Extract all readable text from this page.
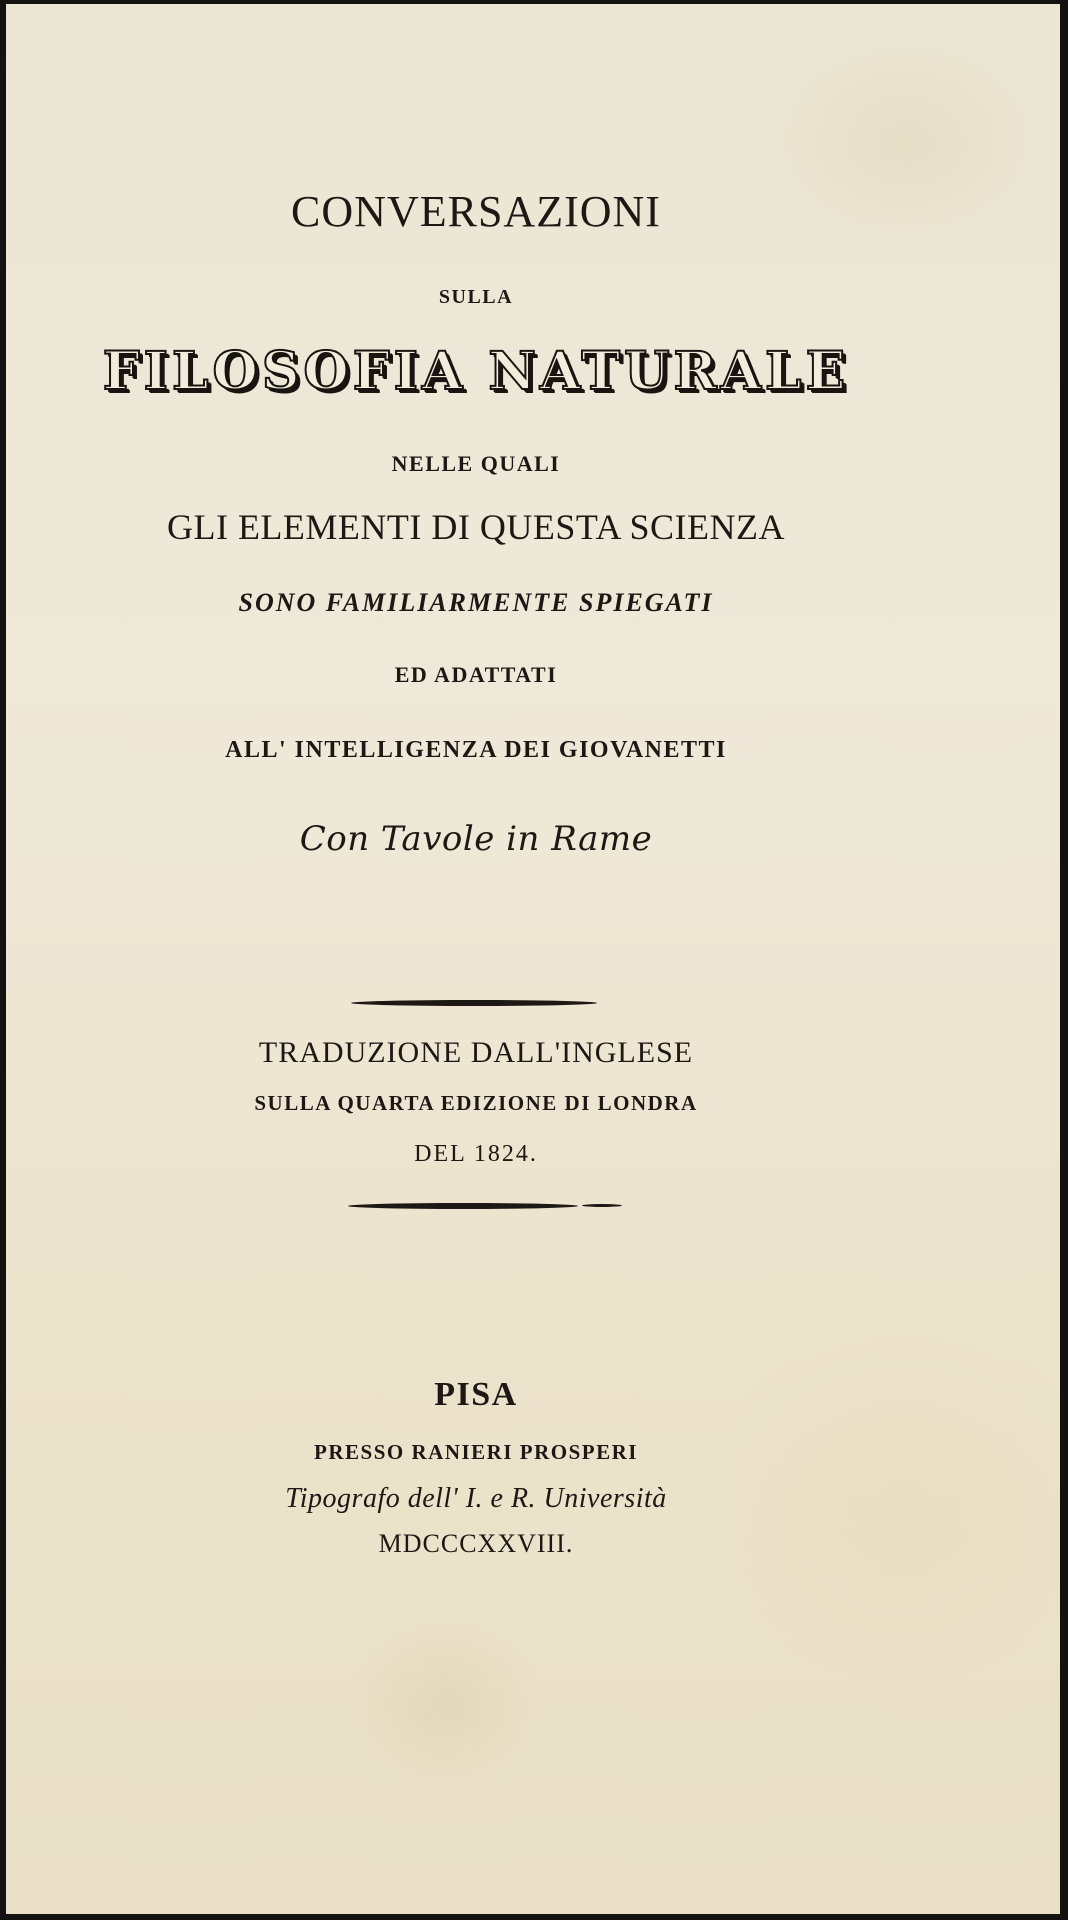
CONVERSAZIONI
SULLA
FILOSOFIA NATURALE
NELLE QUALI
GLI ELEMENTI DI QUESTA SCIENZA
SONO FAMILIARMENTE SPIEGATI
ED ADATTATI
ALL' INTELLIGENZA DEI GIOVANETTI
Con Tavole in Rame
TRADUZIONE DALL'INGLESE
SULLA QUARTA EDIZIONE DI LONDRA
DEL 1824.
PISA
PRESSO RANIERI PROSPERI
Tipografo dell' I. e R. Università
MDCCCXXVIII.
